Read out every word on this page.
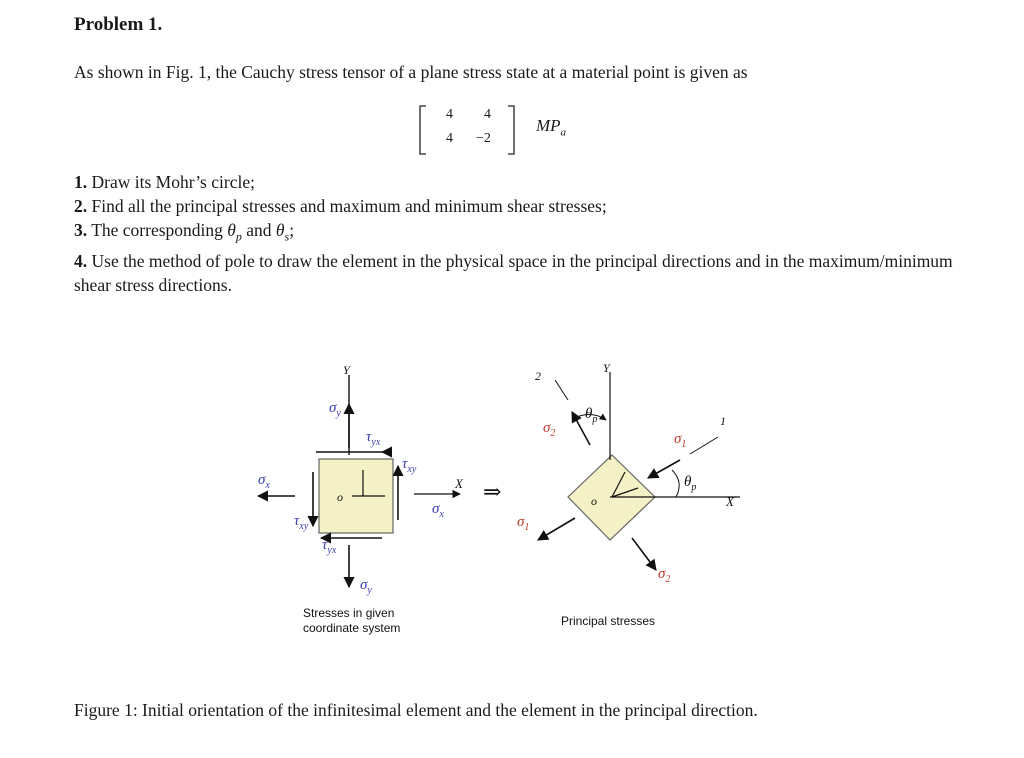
Problem 1.
As shown in Fig. 1, the Cauchy stress tensor of a plane stress state at a material point is given as
4 4
4 −2
$MP_a$
1. Draw its Mohr’s circle;
2. Find all the principal stresses and maximum and minimum shear stresses;
3. The corresponding $\theta_p$ and $\theta_s$;
4. Use the method of pole to draw the element in the physical space in the principal directions and in the maximum/minimum shear stress directions.
Y
X
o
$\sigma_y$
$\sigma_y$
$\sigma_x$
$\sigma_x$
$\tau_{yx}$
$\tau_{xy}$
$\tau_{xy}$
$\tau_{yx}$
Stresses in given
coordinate system
⇒
Y
X
o
2
1
$\sigma_2$
$\sigma_2$
$\sigma_1$
$\sigma_1$
$\theta_p$
$\theta_p$
Principal stresses
Figure 1: Initial orientation of the infinitesimal element and the element in the principal direction.
